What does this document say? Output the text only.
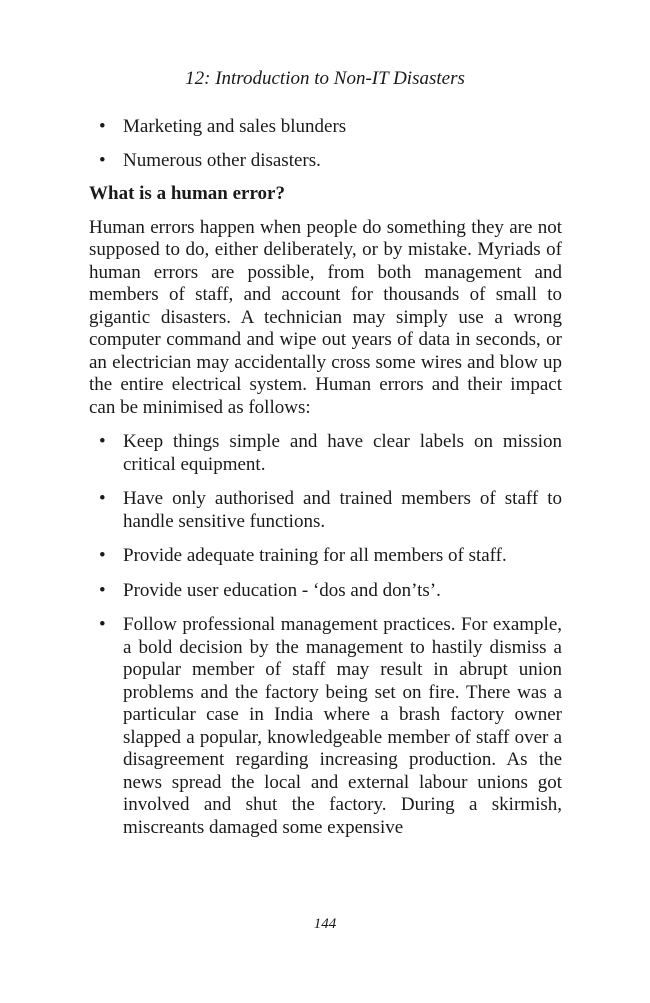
12: Introduction to Non-IT Disasters
• Marketing and sales blunders
• Numerous other disasters.
What is a human error?

Human errors happen when people do something they are not supposed to do, either deliberately, or by mistake. Myriads of human errors are possible, from both management and members of staff, and account for thousands of small to gigantic disasters. A technician may simply use a wrong computer command and wipe out years of data in seconds, or an electrician may accidentally cross some wires and blow up the entire electrical system. Human errors and their impact can be minimised as follows:

• Keep things simple and have clear labels on mission critical equipment.
• Have only authorised and trained members of staff to handle sensitive functions.
• Provide adequate training for all members of staff.
• Provide user education - ‘dos and don’ts’.
• Follow professional management practices. For example, a bold decision by the management to hastily dismiss a popular member of staff may result in abrupt union problems and the factory being set on fire. There was a particular case in India where a brash factory owner slapped a popular, knowledgeable member of staff over a disagreement regarding increasing production. As the news spread the local and external labour unions got involved and shut the factory. During a skirmish, miscreants damaged some expensive
144
